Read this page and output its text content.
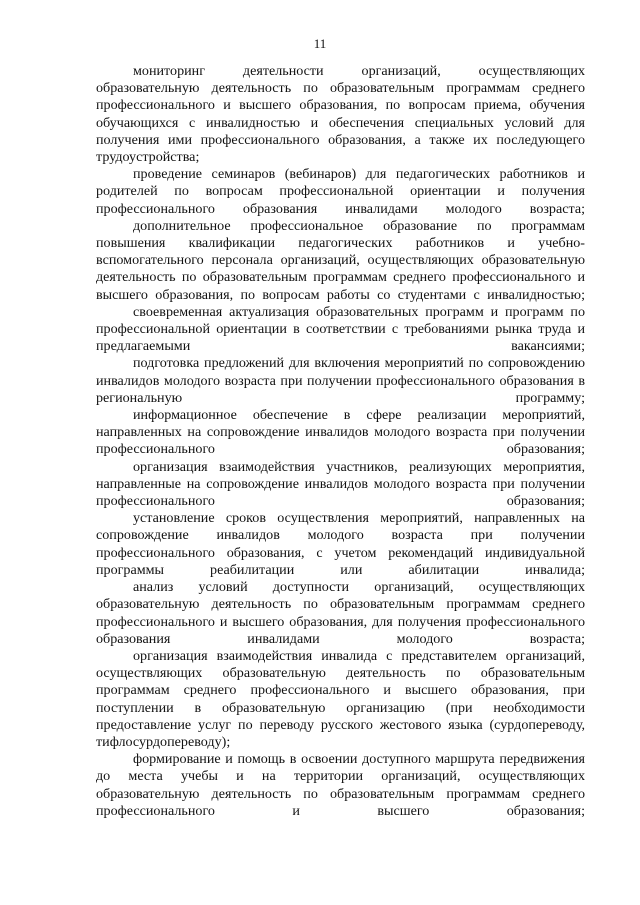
11

мониторинг деятельности организаций, осуществляющих образовательную деятельность по образовательным программам среднего профессионального и высшего образования, по вопросам приема, обучения обучающихся с инвалидностью и обеспечения специальных условий для получения ими профессионального образования, а также их последующего трудоустройства;

проведение семинаров (вебинаров) для педагогических работников и родителей по вопросам профессиональной ориентации и получения профессионального образования инвалидами молодого возраста;

дополнительное профессиональное образование по программам повышения квалификации педагогических работников и учебно-вспомогательного персонала организаций, осуществляющих образовательную деятельность по образовательным программам среднего профессионального и высшего образования, по вопросам работы со студентами с инвалидностью;

своевременная актуализация образовательных программ и программ по профессиональной ориентации в соответствии с требованиями рынка труда и предлагаемыми вакансиями;

подготовка предложений для включения мероприятий по сопровождению инвалидов молодого возраста при получении профессионального образования в региональную программу;

информационное обеспечение в сфере реализации мероприятий, направленных на сопровождение инвалидов молодого возраста при получении профессионального образования;

организация взаимодействия участников, реализующих мероприятия, направленные на сопровождение инвалидов молодого возраста при получении профессионального образования;

установление сроков осуществления мероприятий, направленных на сопровождение инвалидов молодого возраста при получении профессионального образования, с учетом рекомендаций индивидуальной программы реабилитации или абилитации инвалида;

анализ условий доступности организаций, осуществляющих образовательную деятельность по образовательным программам среднего профессионального и высшего образования, для получения профессионального образования инвалидами молодого возраста;

организация взаимодействия инвалида с представителем организаций, осуществляющих образовательную деятельность по образовательным программам среднего профессионального и высшего образования, при поступлении в образовательную организацию (при необходимости предоставление услуг по переводу русского жестового языка (сурдопереводу, тифлосурдопереводу);

формирование и помощь в освоении доступного маршрута передвижения до места учебы и на территории организаций, осуществляющих образовательную деятельность по образовательным программам среднего профессионального и высшего образования;
